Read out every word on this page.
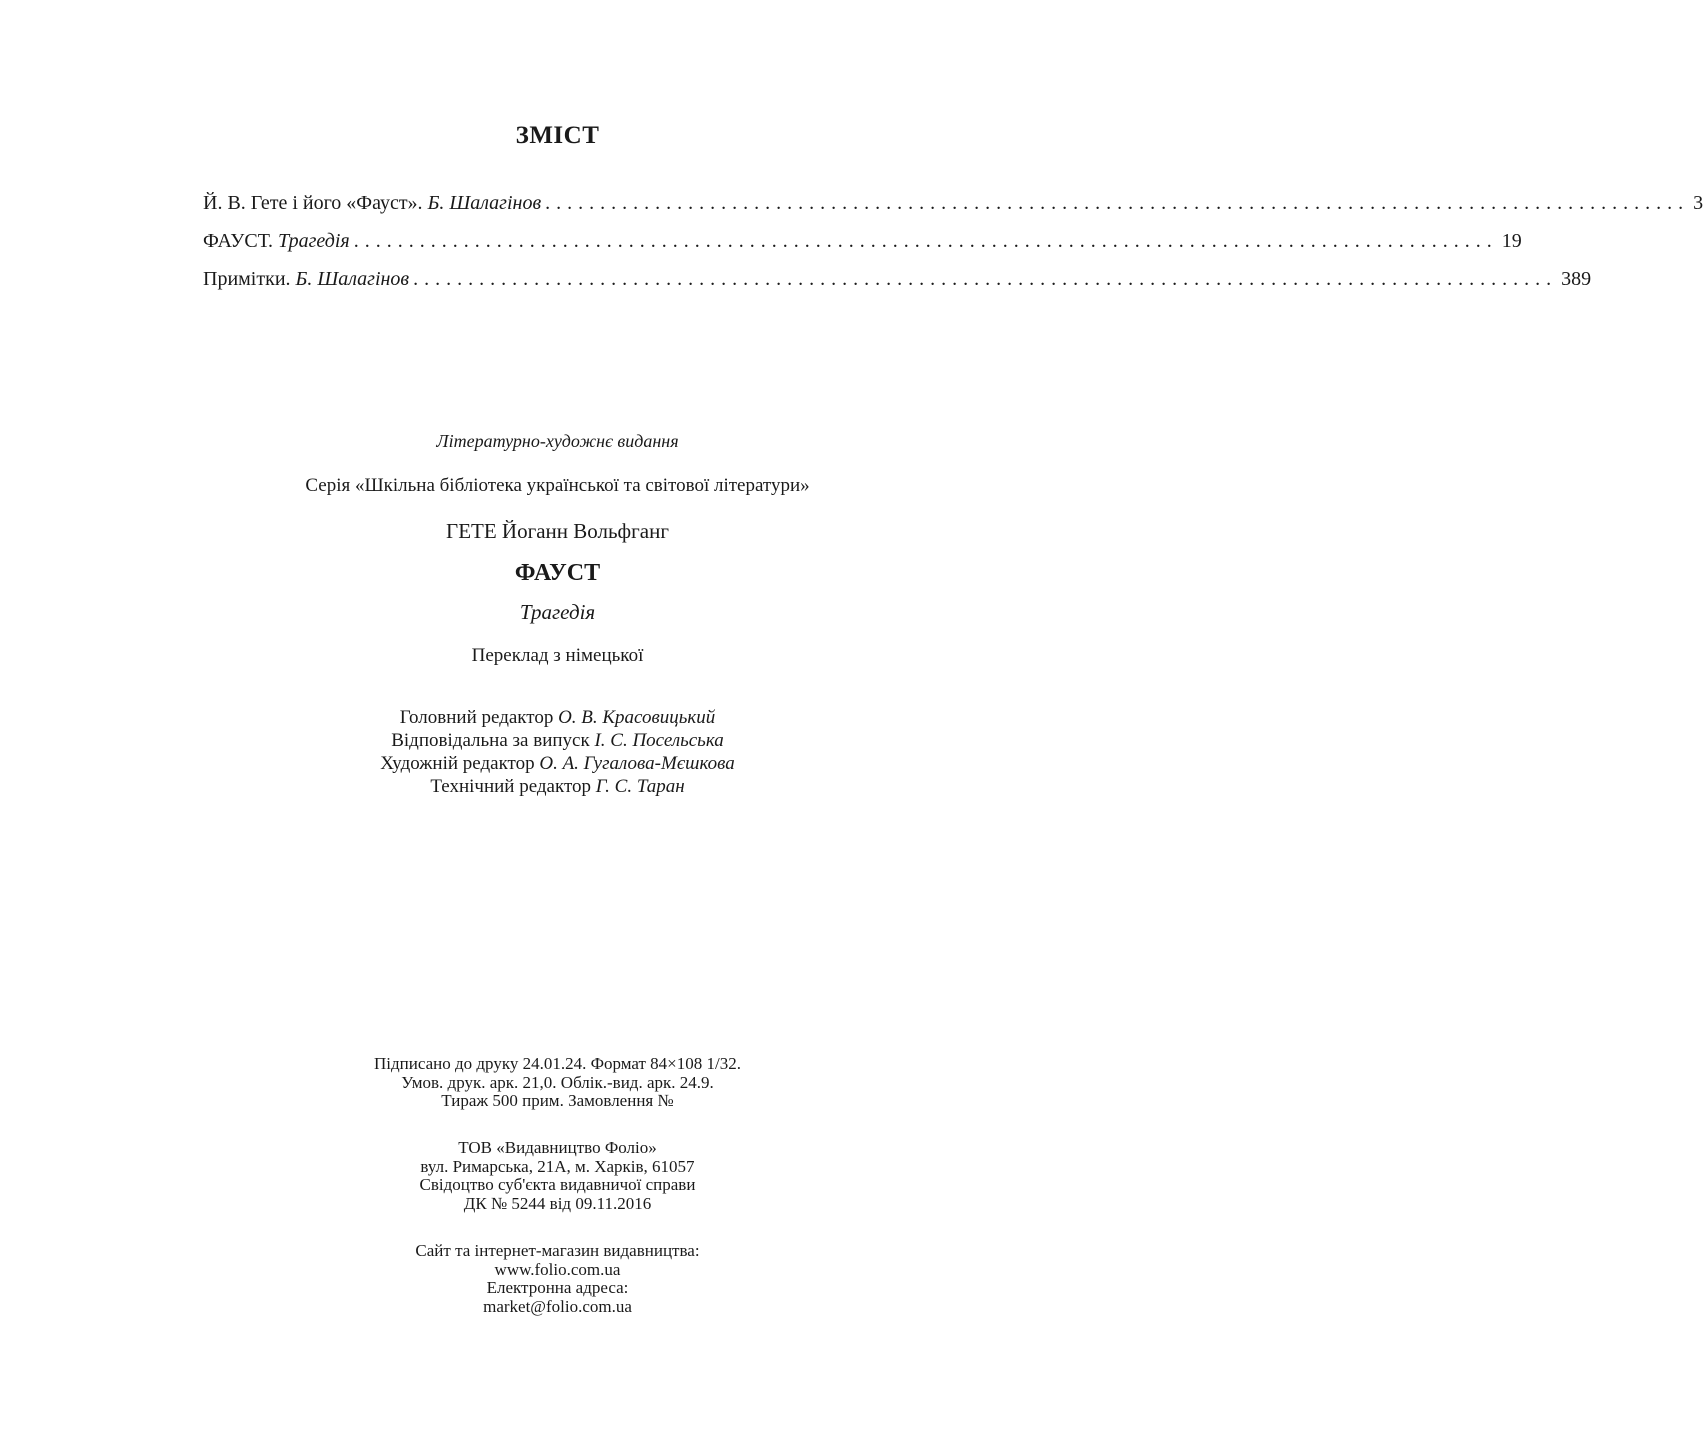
ЗМІСТ
Й. В. Гете і його «Фауст». Б. Шалагінов ........................................................................................................ 3
ФАУСТ. Трагедія ........................................................................................................ 19
Примітки. Б. Шалагінов ........................................................................................................ 389
Літературно-художнє видання
Серія «Шкільна бібліотека української та світової літератури»
ГЕТЕ Йоганн Вольфганг
ФАУСТ
Трагедія
Переклад з німецької
Головний редактор О. В. Красовицький
Відповідальна за випуск І. С. Посельська
Художній редактор О. А. Гугалова-Мєшкова
Технічний редактор Г. С. Таран
Підписано до друку 24.01.24. Формат 84×108 1/32.
Умов. друк. арк. 21,0. Облік.-вид. арк. 24.9.
Тираж 500 прим. Замовлення №
ТОВ «Видавництво Фоліо»
вул. Римарська, 21А, м. Харків, 61057
Свідоцтво суб'єкта видавничої справи
ДК № 5244 від 09.11.2016
Сайт та інтернет-магазин видавництва:
www.folio.com.ua
Електронна адреса:
market@folio.com.ua
